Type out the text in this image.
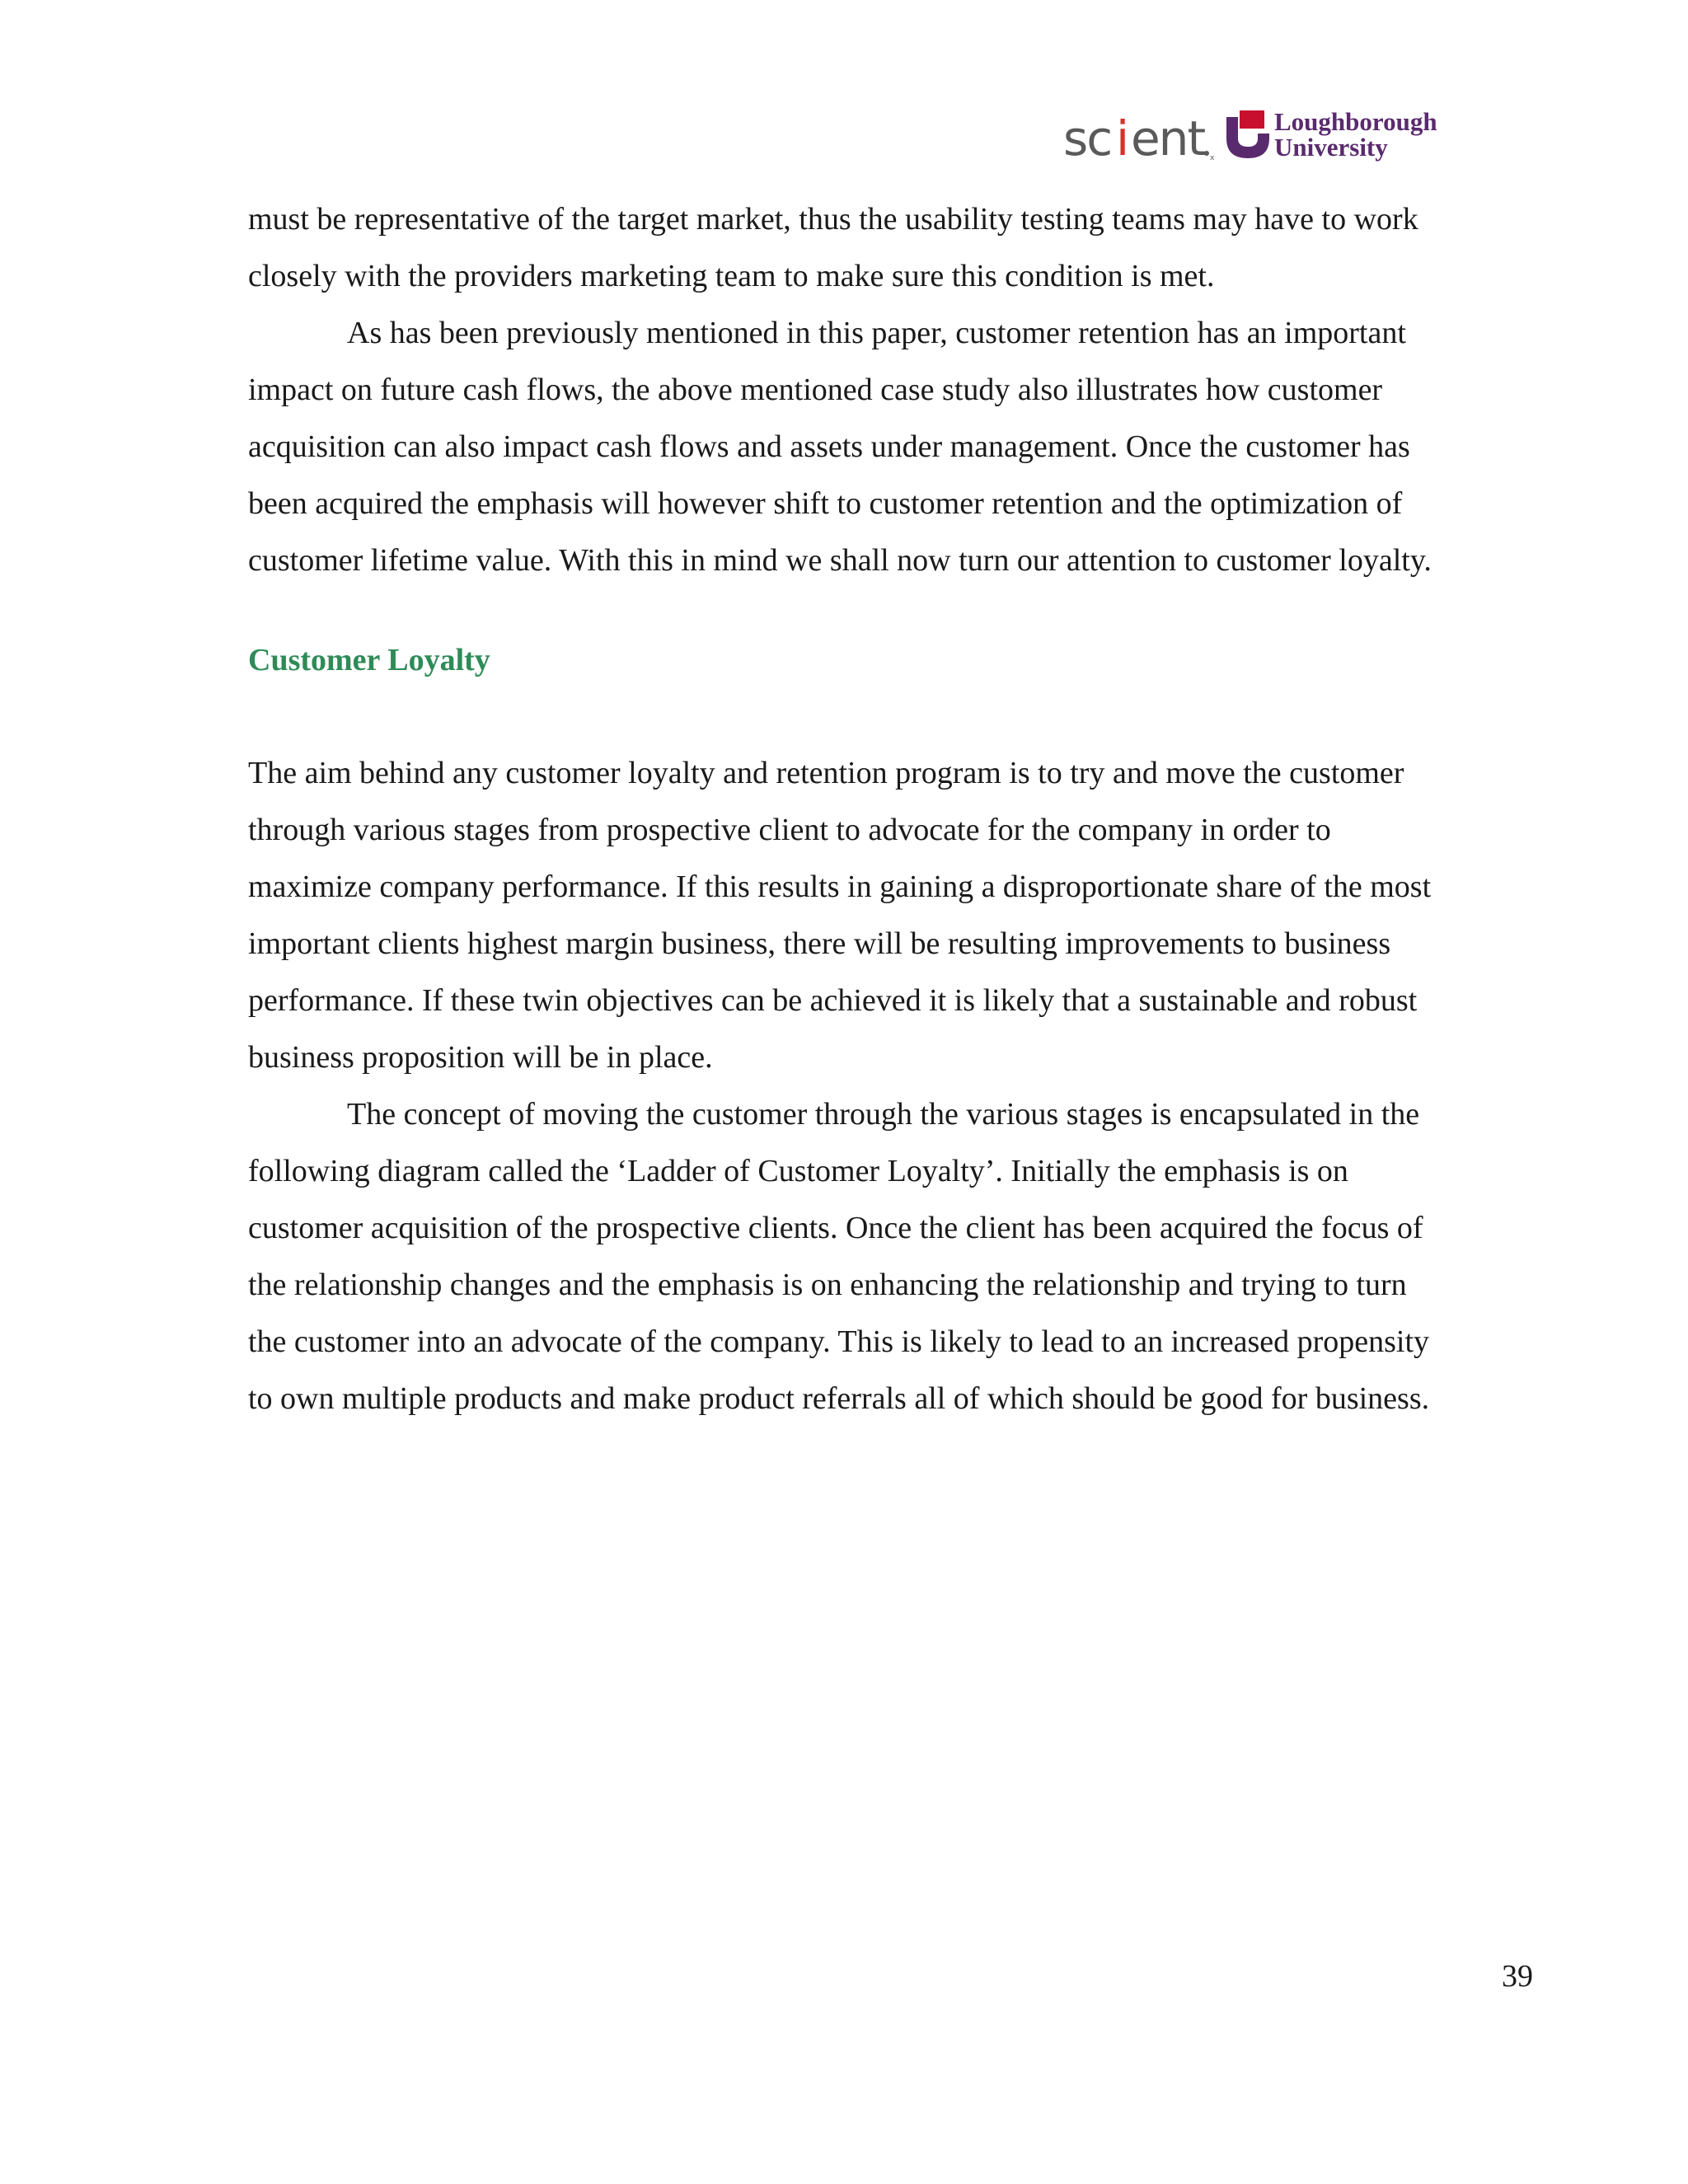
sc i ent x
Loughborough
University

must be representative of the target market, thus the usability testing teams may have to work closely with the providers marketing team to make sure this condition is met.

As has been previously mentioned in this paper, customer retention has an important impact on future cash flows, the above mentioned case study also illustrates how customer acquisition can also impact cash flows and assets under management. Once the customer has been acquired the emphasis will however shift to customer retention and the optimization of customer lifetime value. With this in mind we shall now turn our attention to customer loyalty.

Customer Loyalty

The aim behind any customer loyalty and retention program is to try and move the customer through various stages from prospective client to advocate for the company in order to maximize company performance. If this results in gaining a disproportionate share of the most important clients highest margin business, there will be resulting improvements to business performance. If these twin objectives can be achieved it is likely that a sustainable and robust business proposition will be in place.

The concept of moving the customer through the various stages is encapsulated in the following diagram called the ‘Ladder of Customer Loyalty’. Initially the emphasis is on customer acquisition of the prospective clients. Once the client has been acquired the focus of the relationship changes and the emphasis is on enhancing the relationship and trying to turn the customer into an advocate of the company. This is likely to lead to an increased propensity to own multiple products and make product referrals all of which should be good for business.

39
